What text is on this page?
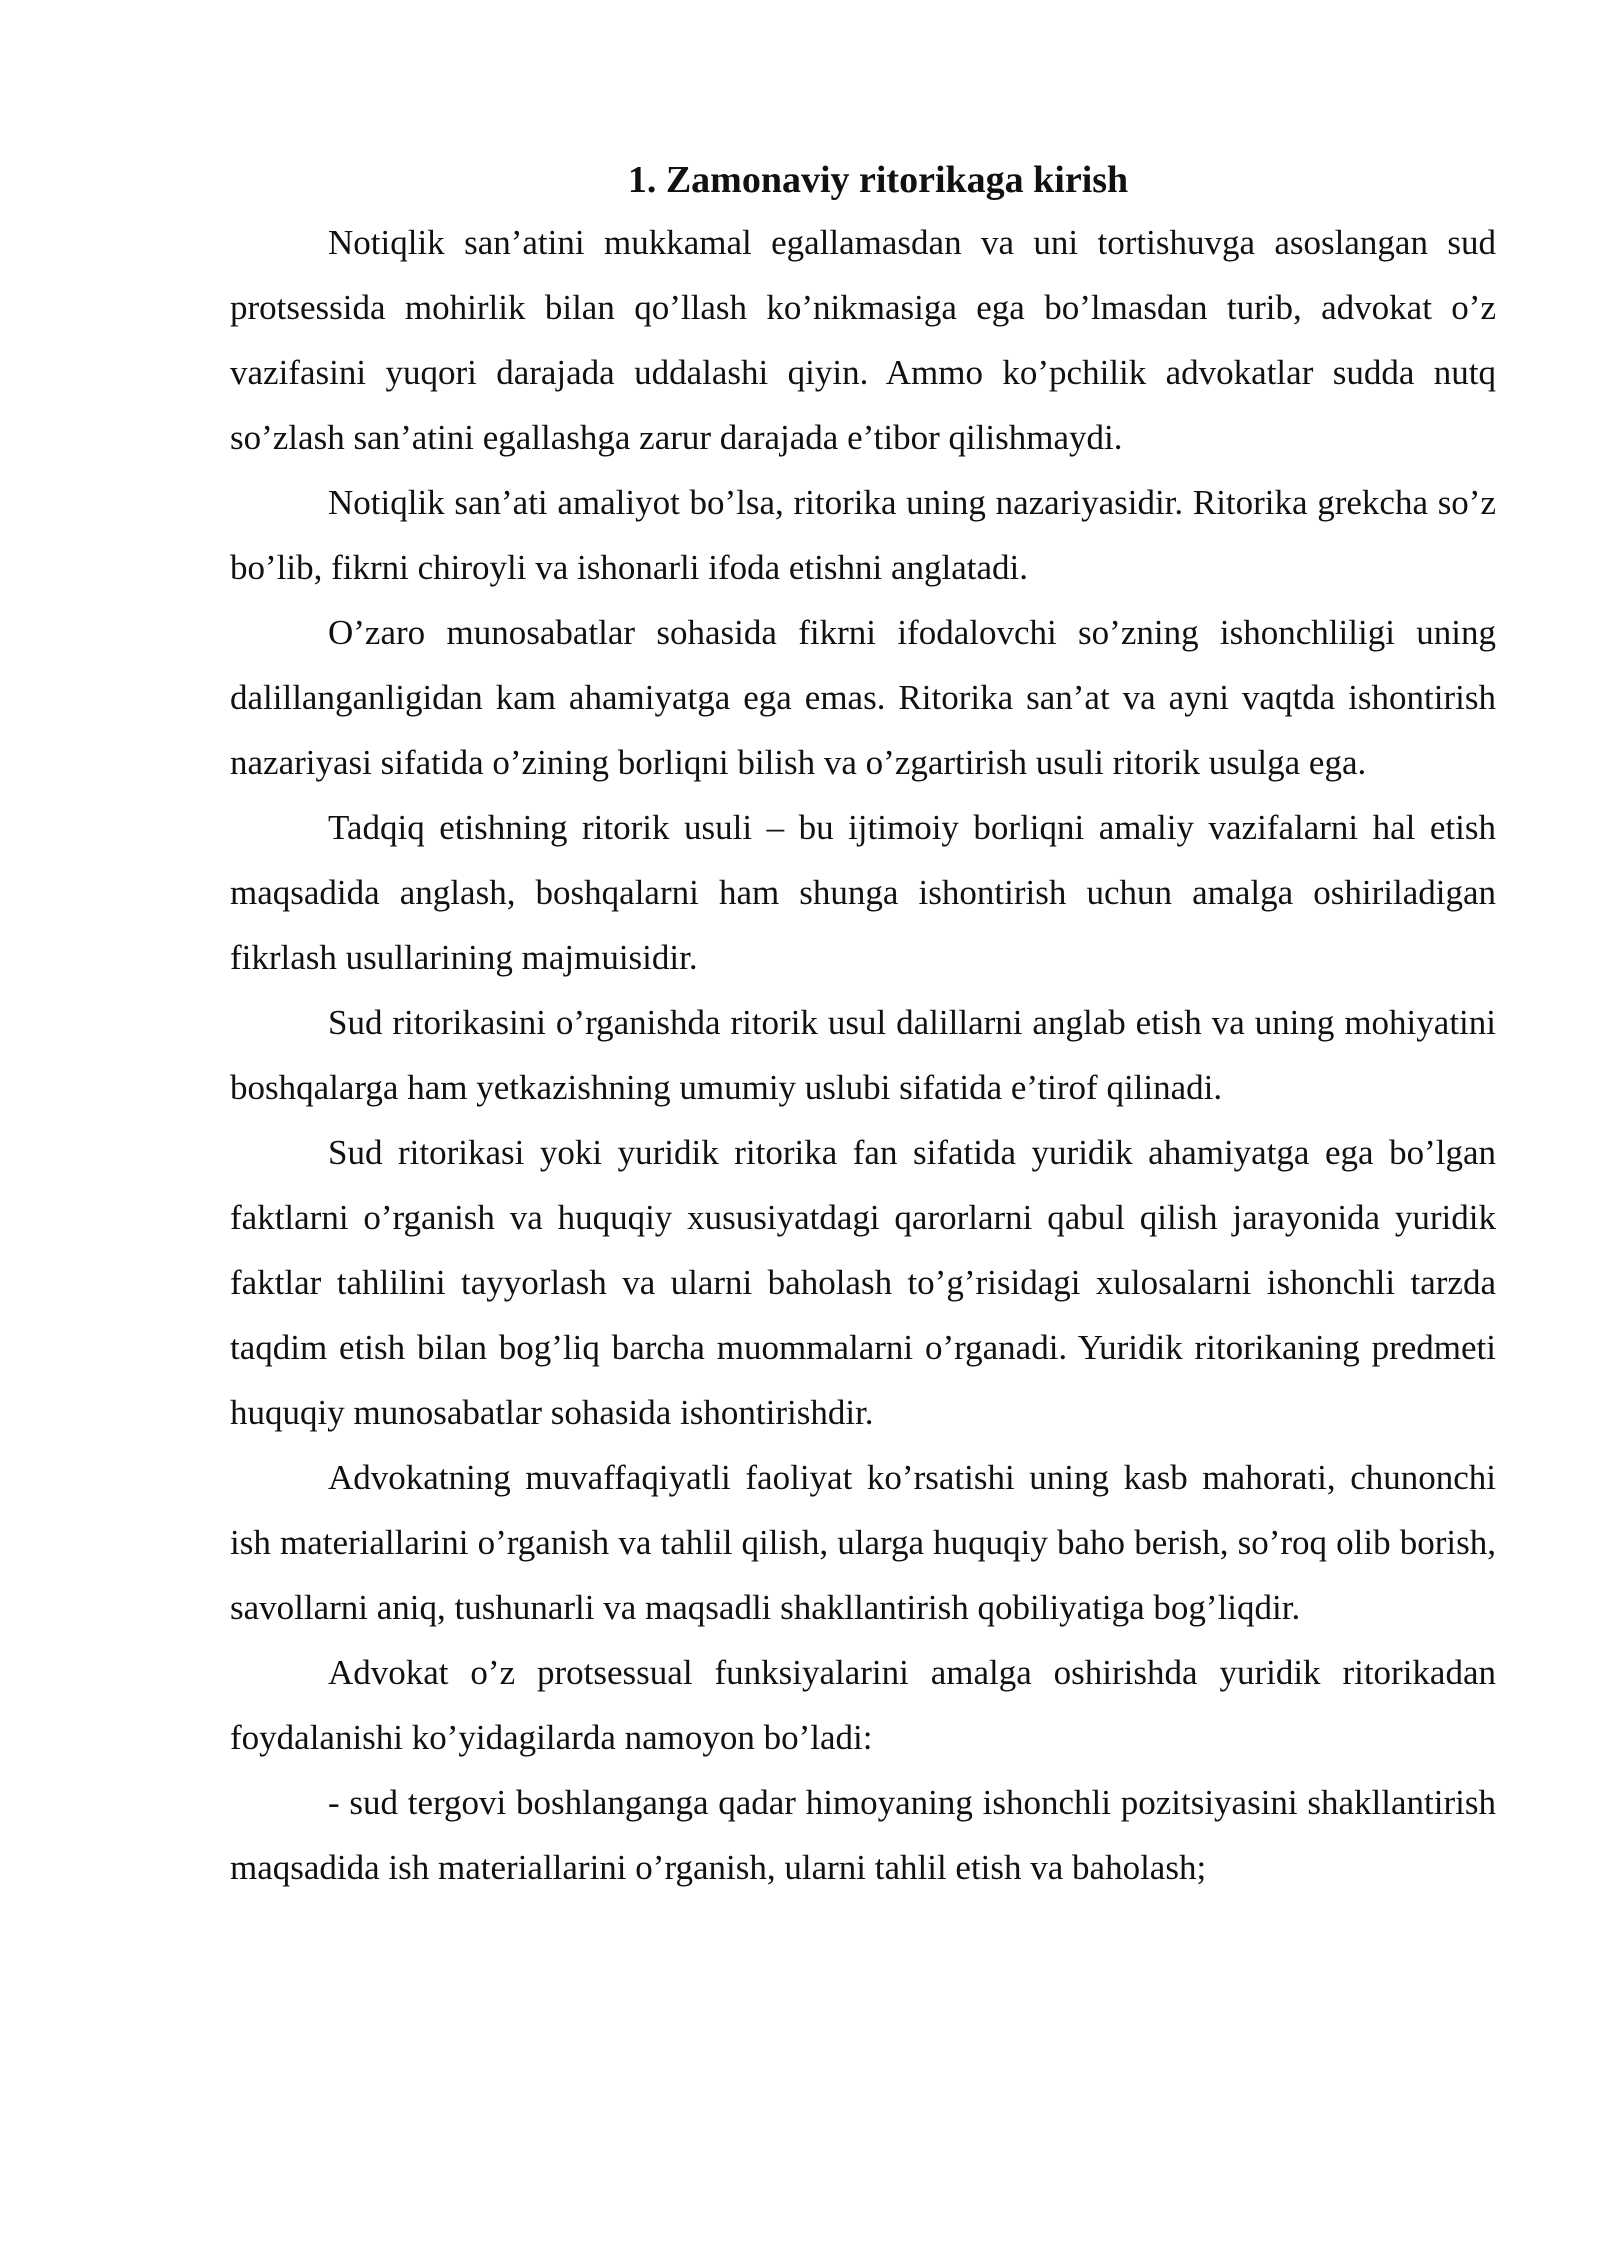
1. Zamonaviy ritorikaga kirish

Notiqlik san’atini mukkamal egallamasdan va uni tortishuvga asoslangan sud protsessida mohirlik bilan qo’llash ko’nikmasiga ega bo’lmasdan turib, advokat o’z vazifasini yuqori darajada uddalashi qiyin. Ammo ko’pchilik advokatlar sudda nutq so’zlash san’atini egallashga zarur darajada e’tibor qilishmaydi.

Notiqlik san’ati amaliyot bo’lsa, ritorika uning nazariyasidir. Ritorika grekcha so’z bo’lib, fikrni chiroyli va ishonarli ifoda etishni anglatadi.

O’zaro munosabatlar sohasida fikrni ifodalovchi so’zning ishonchliligi uning dalillanganligidan kam ahamiyatga ega emas. Ritorika san’at va ayni vaqtda ishontirish nazariyasi sifatida o’zining borliqni bilish va o’zgartirish usuli ritorik usulga ega.

Tadqiq etishning ritorik usuli – bu ijtimoiy borliqni amaliy vazifalarni hal etish maqsadida anglash, boshqalarni ham shunga ishontirish uchun amalga oshiriladigan fikrlash usullarining majmuisidir.

Sud ritorikasini o’rganishda ritorik usul dalillarni anglab etish va uning mohiyatini boshqalarga ham yetkazishning umumiy uslubi sifatida e’tirof qilinadi.

Sud ritorikasi yoki yuridik ritorika fan sifatida yuridik ahamiyatga ega bo’lgan faktlarni o’rganish va huquqiy xususiyatdagi qarorlarni qabul qilish jarayonida yuridik faktlar tahlilini tayyorlash va ularni baholash to’g’risidagi xulosalarni ishonchli tarzda taqdim etish bilan bog’liq barcha muommalarni o’rganadi. Yuridik ritorikaning predmeti huquqiy munosabatlar sohasida ishontirishdir.

Advokatning muvaffaqiyatli faoliyat ko’rsatishi uning kasb mahorati, chunonchi ish materiallarini o’rganish va tahlil qilish, ularga huquqiy baho berish, so’roq olib borish, savollarni aniq, tushunarli va maqsadli shakllantirish qobiliyatiga bog’liqdir.

Advokat o’z protsessual funksiyalarini amalga oshirishda yuridik ritorikadan foydalanishi ko’yidagilarda namoyon bo’ladi:

- sud tergovi boshlanganga qadar himoyaning ishonchli pozitsiyasini shakllantirish maqsadida ish materiallarini o’rganish, ularni tahlil etish va baholash;
